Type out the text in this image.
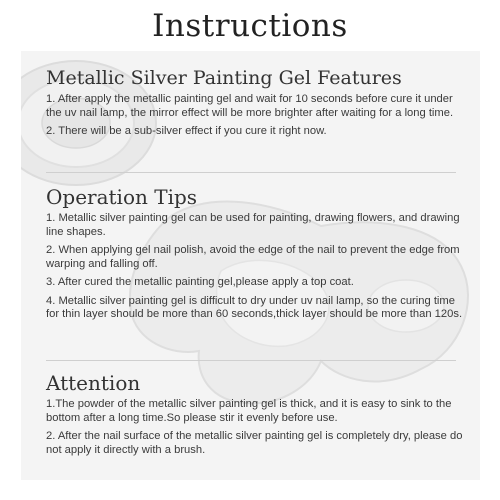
Instructions
Metallic Silver Painting Gel Features

1. After apply the metallic painting gel and wait for 10 seconds before cure it under the uv nail lamp, the mirror effect will be more brighter after waiting for a long time.

2. There will be a sub-silver effect if you cure it right now.

Operation Tips

1. Metallic silver painting gel can be used for painting, drawing flowers, and drawing line shapes.

2. When applying gel nail polish, avoid the edge of the nail to prevent the edge from warping and falling off.

3. After cured the metallic painting gel,please apply a top coat.

4. Metallic silver painting gel is difficult to dry under uv nail lamp, so the curing time for thin layer should be more than 60 seconds,thick layer should be more than 120s.

Attention

1.The powder of the metallic silver painting gel is thick, and it is easy to sink to the bottom after a long time.So please stir it evenly before use.

2. After the nail surface of the metallic silver painting gel is completely dry, please do not apply it directly with a brush.
